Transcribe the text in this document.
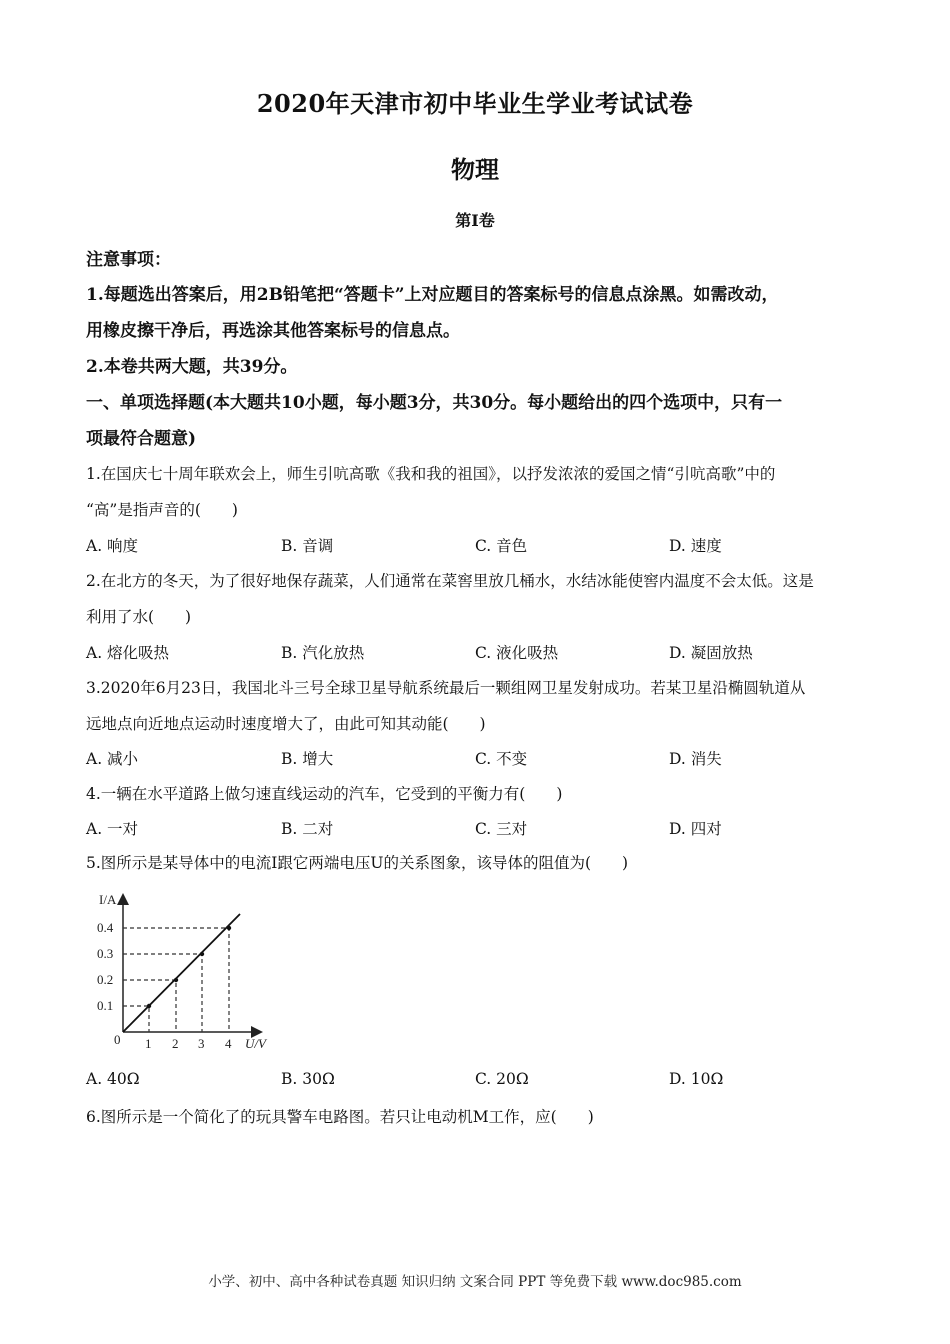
2020年天津市初中毕业生学业考试试卷
物理
第I卷
注意事项：
1.每题选出答案后，用2B铅笔把“答题卡”上对应题目的答案标号的信息点涂黑。如需改动，
用橡皮擦干净后，再选涂其他答案标号的信息点。
2.本卷共两大题，共39分。
一、单项选择题(本大题共10小题，每小题3分，共30分。每小题给出的四个选项中，只有一
项最符合题意)
1.在国庆七十周年联欢会上，师生引吭高歌《我和我的祖国》，以抒发浓浓的爱国之情“引吭高歌”中的
“高”是指声音的(　　)
A. 响度	B. 音调	C. 音色	D. 速度
2.在北方的冬天，为了很好地保存蔬菜，人们通常在菜窖里放几桶水，水结冰能使窖内温度不会太低。这是
利用了水(　　)
A. 熔化吸热	B. 汽化放热	C. 液化吸热	D. 凝固放热
3.2020年6月23日，我国北斗三号全球卫星导航系统最后一颗组网卫星发射成功。若某卫星沿椭圆轨道从
远地点向近地点运动时速度增大了，由此可知其动能(　　)
A. 减小	B. 增大	C. 不变	D. 消失
4.一辆在水平道路上做匀速直线运动的汽车，它受到的平衡力有(　　)
A. 一对	B. 二对	C. 三对	D. 四对
5.图所示是某导体中的电流I跟它两端电压U的关系图象，该导体的阻值为(　　)
I/A
0.4
0.3
0.2
0.1
0 1 2 3 4 U/V
A. 40Ω	B. 30Ω	C. 20Ω	D. 10Ω
6.图所示是一个简化了的玩具警车电路图。若只让电动机M工作，应(　　)
小学、初中、高中各种试卷真题 知识归纳 文案合同 PPT 等免费下载 www.doc985.com
